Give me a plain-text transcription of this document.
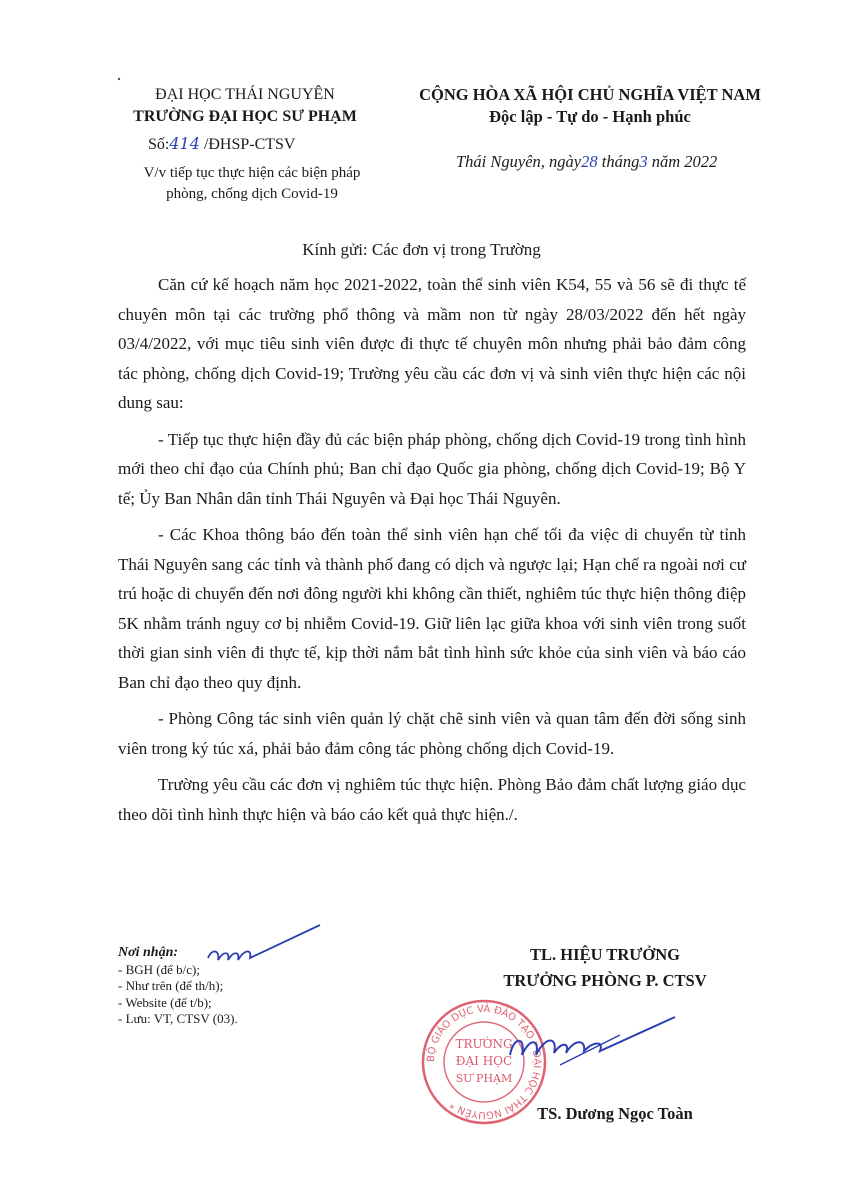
ĐẠI HỌC THÁI NGUYÊN
TRƯỜNG ĐẠI HỌC SƯ PHẠM
Số:414 /ĐHSP-CTSV
V/v tiếp tục thực hiện các biện pháp
phòng, chống dịch Covid-19
CỘNG HÒA XÃ HỘI CHỦ NGHĨA VIỆT NAM
Độc lập - Tự do - Hạnh phúc
Thái Nguyên, ngày28 tháng3 năm 2022
Kính gửi: Các đơn vị trong Trường

Căn cứ kế hoạch năm học 2021-2022, toàn thể sinh viên K54, 55 và 56 sẽ đi thực tế chuyên môn tại các trường phổ thông và mầm non từ ngày 28/03/2022 đến hết ngày 03/4/2022, với mục tiêu sinh viên được đi thực tế chuyên môn nhưng phải bảo đảm công tác phòng, chống dịch Covid-19; Trường yêu cầu các đơn vị và sinh viên thực hiện các nội dung sau:

- Tiếp tục thực hiện đầy đủ các biện pháp phòng, chống dịch Covid-19 trong tình hình mới theo chỉ đạo của Chính phủ; Ban chỉ đạo Quốc gia phòng, chống dịch Covid-19; Bộ Y tế; Ủy Ban Nhân dân tỉnh Thái Nguyên và Đại học Thái Nguyên.

- Các Khoa thông báo đến toàn thể sinh viên hạn chế tối đa việc di chuyển từ tỉnh Thái Nguyên sang các tỉnh và thành phố đang có dịch và ngược lại; Hạn chế ra ngoài nơi cư trú hoặc di chuyển đến nơi đông người khi không cần thiết, nghiêm túc thực hiện thông điệp 5K nhằm tránh nguy cơ bị nhiễm Covid-19. Giữ liên lạc giữa khoa với sinh viên trong suốt thời gian sinh viên đi thực tế, kịp thời nắm bắt tình hình sức khỏe của sinh viên và báo cáo Ban chỉ đạo theo quy định.

- Phòng Công tác sinh viên quản lý chặt chẽ sinh viên và quan tâm đến đời sống sinh viên trong ký túc xá, phải bảo đảm công tác phòng chống dịch Covid-19.

Trường yêu cầu các đơn vị nghiêm túc thực hiện. Phòng Bảo đảm chất lượng giáo dục theo dõi tình hình thực hiện và báo cáo kết quả thực hiện./.

Nơi nhận:
- BGH (để b/c);
- Như trên (để th/h);
- Website (để t/b);
- Lưu: VT, CTSV (03).
TL. HIỆU TRƯỞNG
TRƯỞNG PHÒNG P. CTSV
BỘ GIÁO DỤC VÀ ĐÀO TẠO * ĐẠI HỌC THÁI NGUYÊN *
TRƯỜNG
ĐẠI HỌC
SƯ PHẠM
TS. Dương Ngọc Toàn
